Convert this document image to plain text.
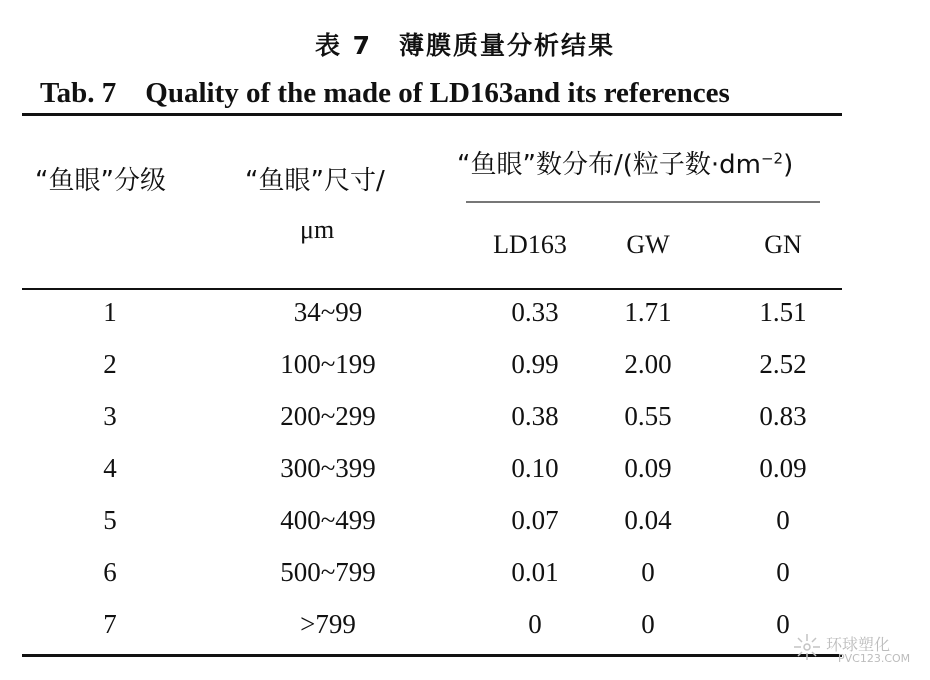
表 7　薄膜质量分析结果
Tab. 7　Quality of the made of LD163and its references
“鱼眼”分级	“鱼眼”尺寸/
μm
“鱼眼”数分布/(粒子数$\cdot dm^{-2}$)
LD163	GW	GN
1	34~99	0.33	1.71	1.51
2	100~199	0.99	2.00	2.52
3	200~299	0.38	0.55	0.83
4	300~399	0.10	0.09	0.09
5	400~499	0.07	0.04	0
6	500~799	0.01	0	0
7	>799	0	0	0
环球塑化
PVC123.COM
